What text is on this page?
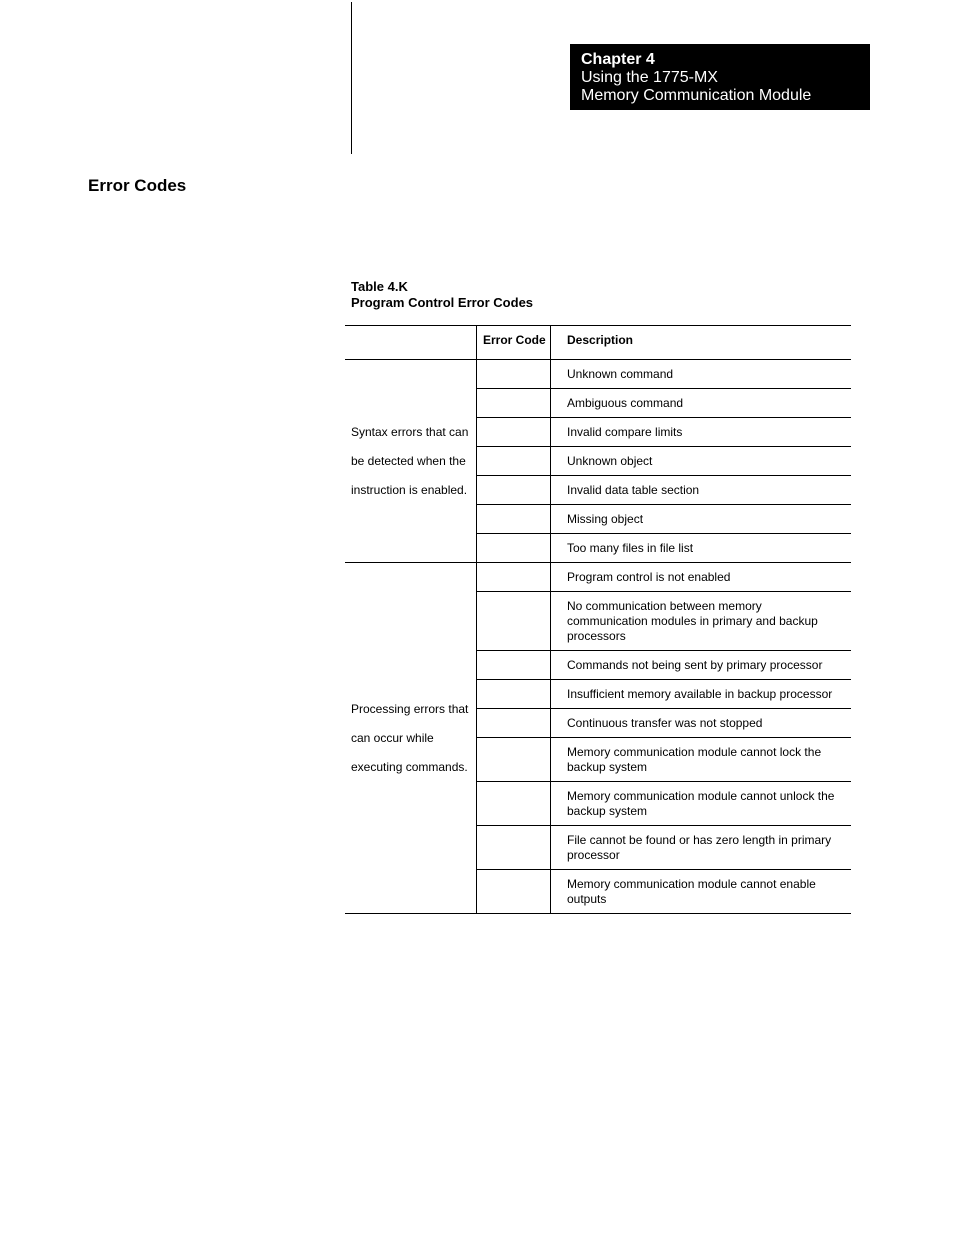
Chapter 4
Using the 1775-MX
Memory Communication Module
Error Codes
Table 4.K
Program Control Error Codes
Error Code	Description
Syntax errors that can
be detected when the
instruction is enabled.
Unknown command
Ambiguous command
Invalid compare limits
Unknown object
Invalid data table section
Missing object
Too many files in file list
Processing errors that
can occur while
executing commands.
Program control is not enabled
No communication between memory communication modules in primary and backup processors
Commands not being sent by primary processor
Insufficient memory available in backup processor
Continuous transfer was not stopped
Memory communication module cannot lock the backup system
Memory communication module cannot unlock the backup system
File cannot be found or has zero length in primary processor
Memory communication module cannot enable outputs
